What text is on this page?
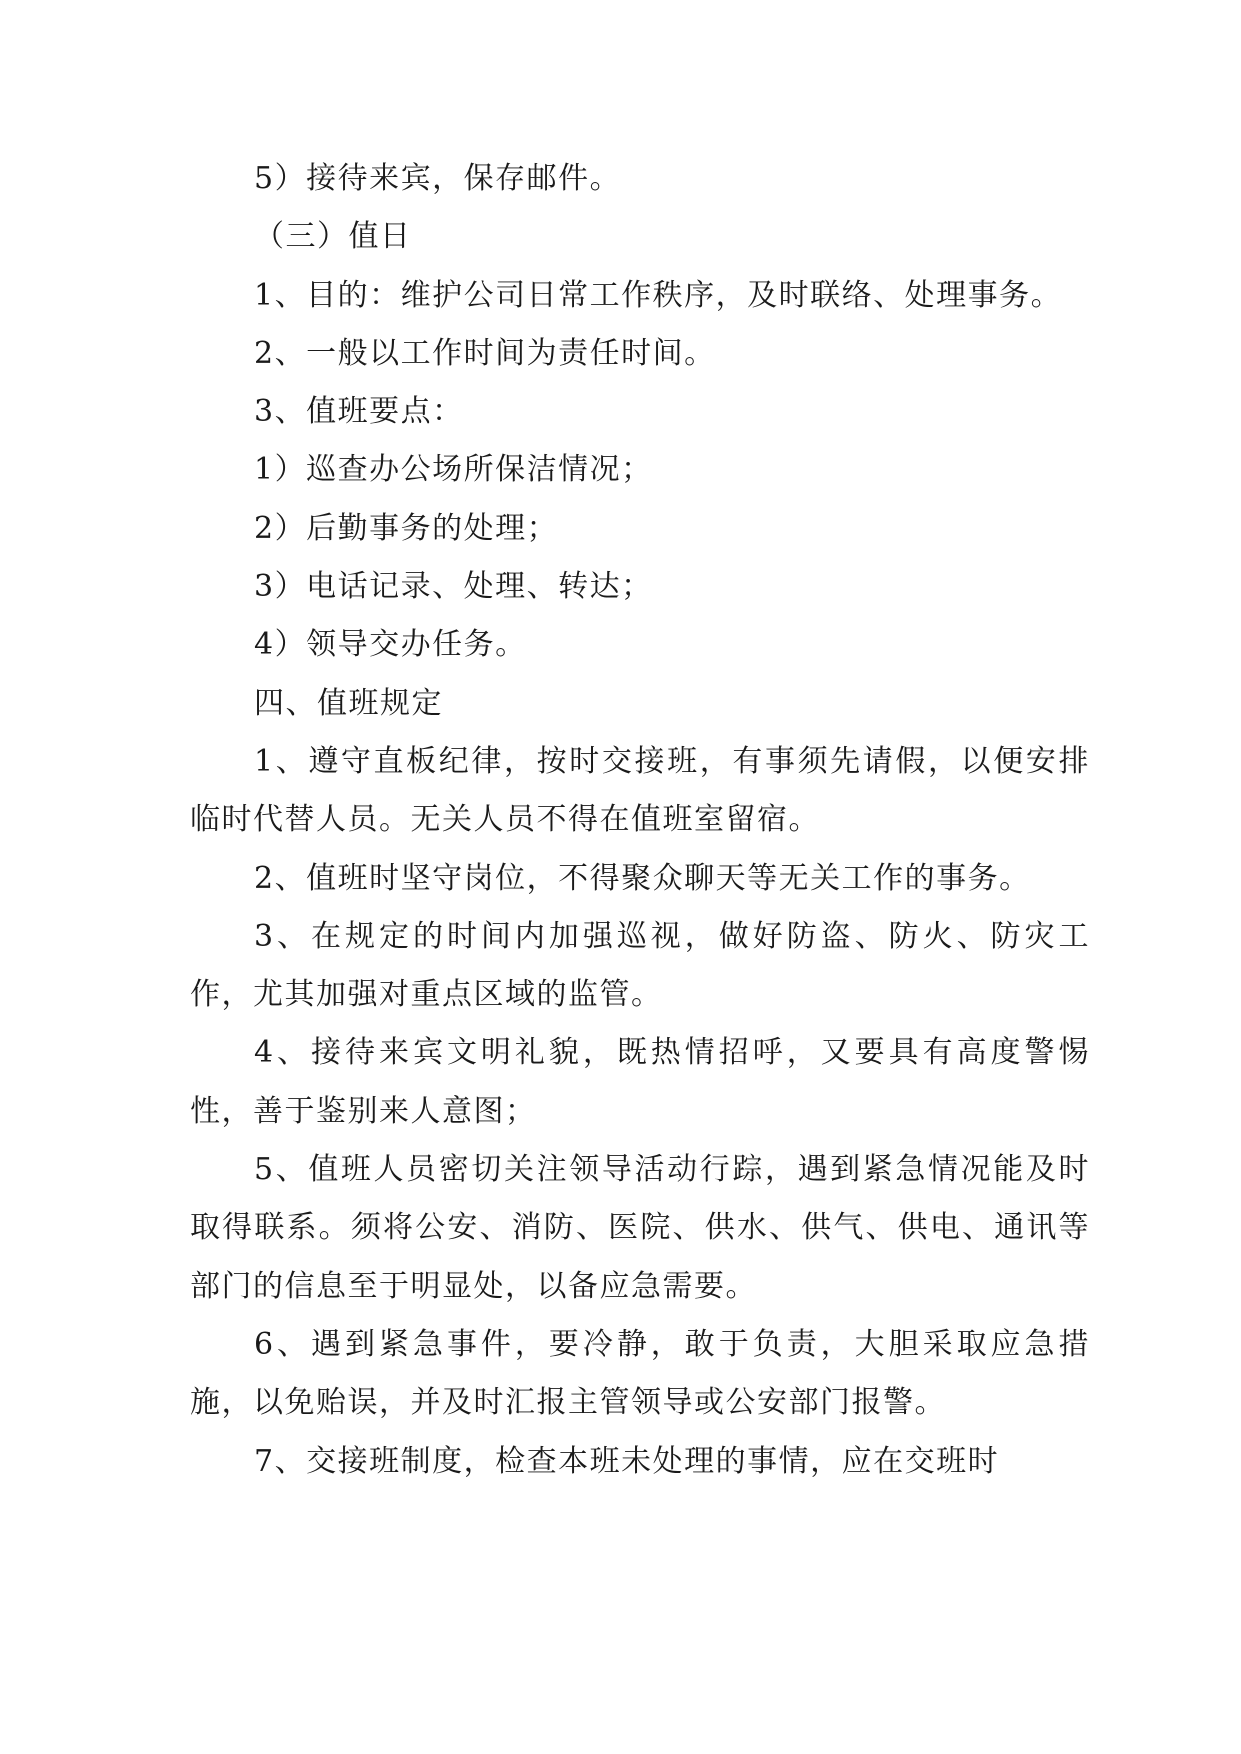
5）接待来宾，保存邮件。

（三）值日

1、目的：维护公司日常工作秩序，及时联络、处理事务。

2、一般以工作时间为责任时间。

3、值班要点：

1）巡查办公场所保洁情况；

2）后勤事务的处理；

3）电话记录、处理、转达；

4）领导交办任务。

四、值班规定

1、遵守直板纪律，按时交接班，有事须先请假，以便安排临时代替人员。无关人员不得在值班室留宿。

2、值班时坚守岗位，不得聚众聊天等无关工作的事务。

3、在规定的时间内加强巡视，做好防盗、防火、防灾工作，尤其加强对重点区域的监管。

4、接待来宾文明礼貌，既热情招呼，又要具有高度警惕性，善于鉴别来人意图；

5、值班人员密切关注领导活动行踪，遇到紧急情况能及时取得联系。须将公安、消防、医院、供水、供气、供电、通讯等部门的信息至于明显处，以备应急需要。

6、遇到紧急事件，要冷静，敢于负责，大胆采取应急措施，以免贻误，并及时汇报主管领导或公安部门报警。

7、交接班制度，检查本班未处理的事情，应在交班时
